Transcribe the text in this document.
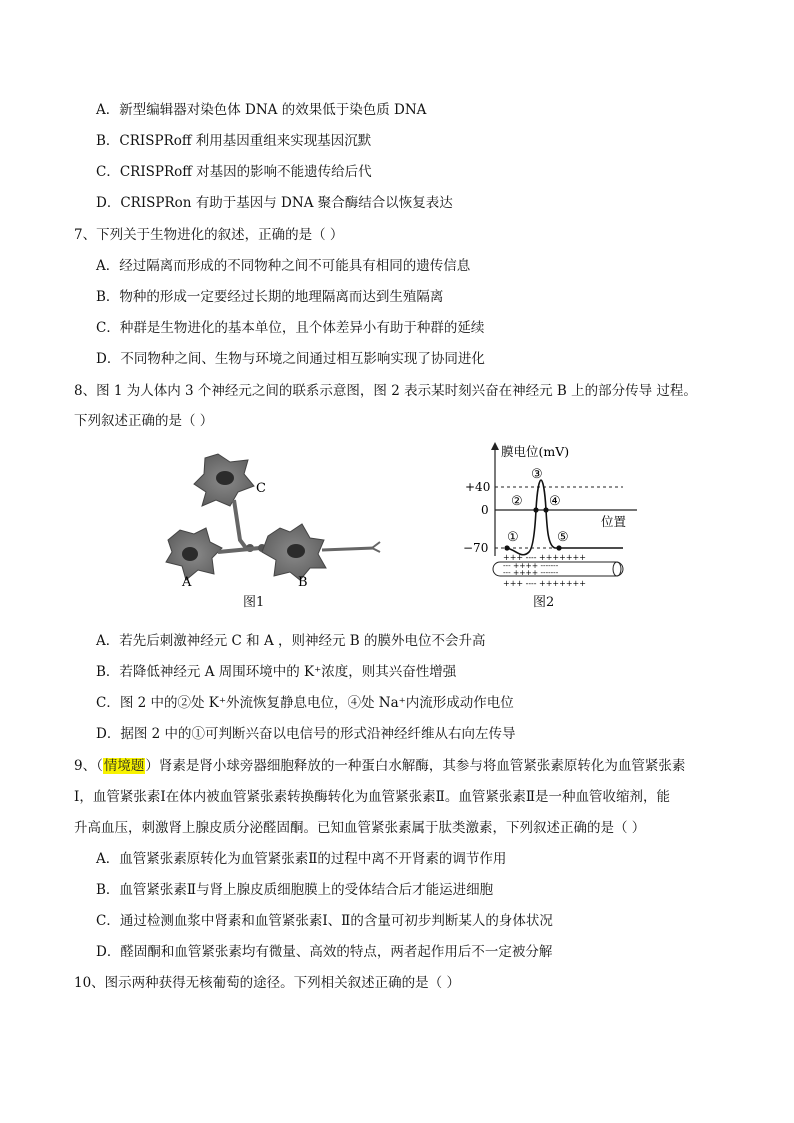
A．新型编辑器对染色体 DNA 的效果低于染色质 DNA
B．CRISPRoff 利用基因重组来实现基因沉默
C．CRISPRoff 对基因的影响不能遗传给后代
D．CRISPRon 有助于基因与 DNA 聚合酶结合以恢复表达
7、下列关于生物进化的叙述，正确的是（ ）
A．经过隔离而形成的不同物种之间不可能具有相同的遗传信息
B．物种的形成一定要经过长期的地理隔离而达到生殖隔离
C．种群是生物进化的基本单位，且个体差异小有助于种群的延续
D．不同物种之间、生物与环境之间通过相互影响实现了协同进化
8、图 1 为人体内 3 个神经元之间的联系示意图，图 2 表示某时刻兴奋在神经元 B 上的部分传导 过程。
下列叙述正确的是（ ）
C
A	B
图1
膜电位(mV)
位置
+40
0
−70
①
②
③
④
⑤
+++ ---- +++++++
--- ++++ -------
--- ++++ -------
+++ ---- +++++++
图2
A．若先后刺激神经元 C 和 A ，则神经元 B 的膜外电位不会升高
B．若降低神经元 A 周围环境中的 K⁺浓度，则其兴奋性增强
C．图 2 中的②处 K⁺外流恢复静息电位，④处 Na⁺内流形成动作电位
D．据图 2 中的①可判断兴奋以电信号的形式沿神经纤维从右向左传导
9、（情境题）肾素是肾小球旁器细胞释放的一种蛋白水解酶，其参与将血管紧张素原转化为血管紧张素
Ⅰ，血管紧张素Ⅰ在体内被血管紧张素转换酶转化为血管紧张素Ⅱ。血管紧张素Ⅱ是一种血管收缩剂，能
升高血压，刺激肾上腺皮质分泌醛固酮。已知血管紧张素属于肽类激素，下列叙述正确的是（ ）
A．血管紧张素原转化为血管紧张素Ⅱ的过程中离不开肾素的调节作用
B．血管紧张素Ⅱ与肾上腺皮质细胞膜上的受体结合后才能运进细胞
C．通过检测血浆中肾素和血管紧张素Ⅰ、Ⅱ的含量可初步判断某人的身体状况
D．醛固酮和血管紧张素均有微量、高效的特点，两者起作用后不一定被分解
10、图示两种获得无核葡萄的途径。下列相关叙述正确的是（ ）
